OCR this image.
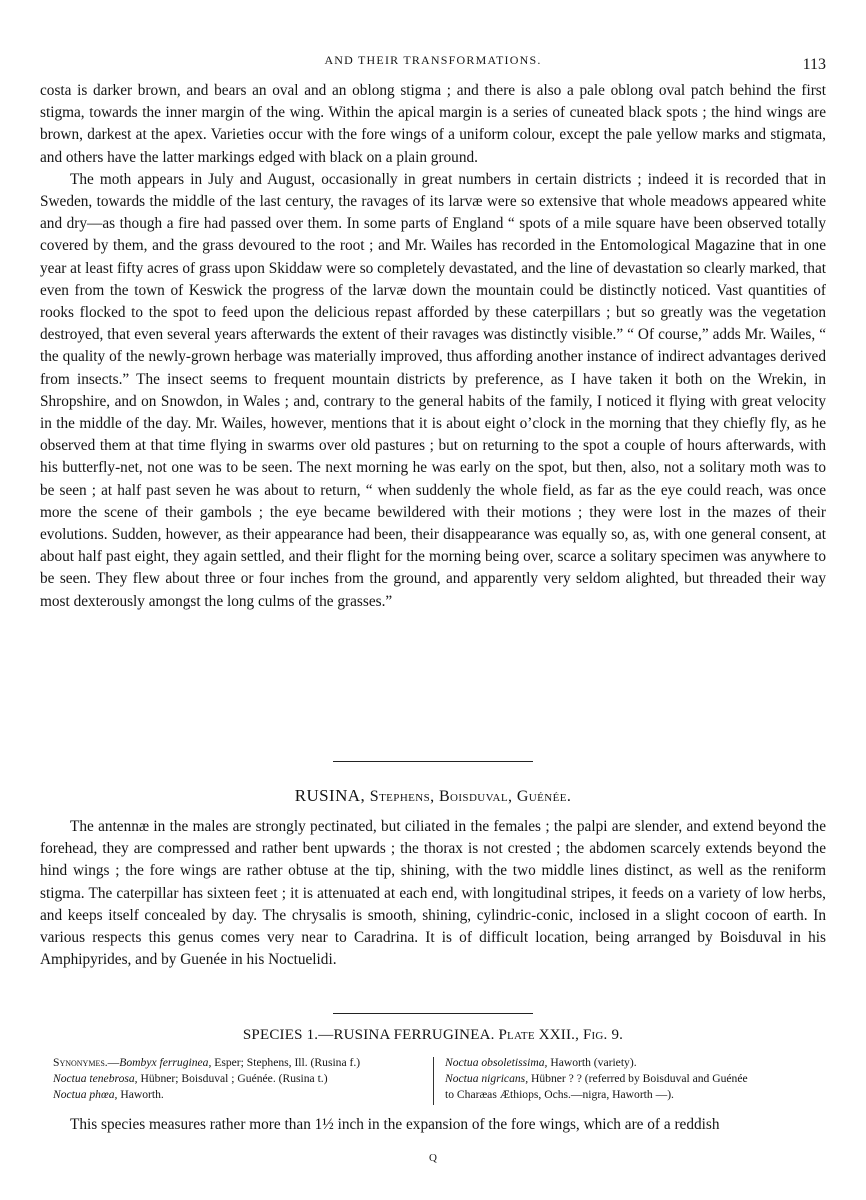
AND THEIR TRANSFORMATIONS.	113

costa is darker brown, and bears an oval and an oblong stigma ; and there is also a pale oblong oval patch behind the first stigma, towards the inner margin of the wing. Within the apical margin is a series of cuneated black spots ; the hind wings are brown, darkest at the apex. Varieties occur with the fore wings of a uniform colour, except the pale yellow marks and stigmata, and others have the latter markings edged with black on a plain ground.

The moth appears in July and August, occasionally in great numbers in certain districts ; indeed it is recorded that in Sweden, towards the middle of the last century, the ravages of its larvæ were so extensive that whole meadows appeared white and dry—as though a fire had passed over them. In some parts of England “ spots of a mile square have been observed totally covered by them, and the grass devoured to the root ; and Mr. Wailes has recorded in the Entomological Magazine that in one year at least fifty acres of grass upon Skiddaw were so completely devastated, and the line of devastation so clearly marked, that even from the town of Keswick the progress of the larvæ down the mountain could be distinctly noticed. Vast quantities of rooks flocked to the spot to feed upon the delicious repast afforded by these caterpillars ; but so greatly was the vegetation destroyed, that even several years afterwards the extent of their ravages was distinctly visible.” “ Of course,” adds Mr. Wailes, “ the quality of the newly-grown herbage was materially improved, thus affording another instance of indirect advantages derived from insects.” The insect seems to frequent mountain districts by preference, as I have taken it both on the Wrekin, in Shropshire, and on Snowdon, in Wales ; and, contrary to the general habits of the family, I noticed it flying with great velocity in the middle of the day. Mr. Wailes, however, mentions that it is about eight o’clock in the morning that they chiefly fly, as he observed them at that time flying in swarms over old pastures ; but on returning to the spot a couple of hours afterwards, with his butterfly-net, not one was to be seen. The next morning he was early on the spot, but then, also, not a solitary moth was to be seen ; at half past seven he was about to return, “ when suddenly the whole field, as far as the eye could reach, was once more the scene of their gambols ; the eye became bewildered with their motions ; they were lost in the mazes of their evolutions. Sudden, however, as their appearance had been, their disappearance was equally so, as, with one general consent, at about half past eight, they again settled, and their flight for the morning being over, scarce a solitary specimen was anywhere to be seen. They flew about three or four inches from the ground, and apparently very seldom alighted, but threaded their way most dexterously amongst the long culms of the grasses.”

RUSINA, Stephens, Boisduval, Guénée.

The antennæ in the males are strongly pectinated, but ciliated in the females ; the palpi are slender, and extend beyond the forehead, they are compressed and rather bent upwards ; the thorax is not crested ; the abdomen scarcely extends beyond the hind wings ; the fore wings are rather obtuse at the tip, shining, with the two middle lines distinct, as well as the reniform stigma. The caterpillar has sixteen feet ; it is attenuated at each end, with longitudinal stripes, it feeds on a variety of low herbs, and keeps itself concealed by day. The chrysalis is smooth, shining, cylindric-conic, inclosed in a slight cocoon of earth. In various respects this genus comes very near to Caradrina. It is of difficult location, being arranged by Boisduval in his Amphipyrides, and by Guenée in his Noctuelidi.

SPECIES 1.—RUSINA FERRUGINEA. Plate XXII., Fig. 9.
Synonymes.—Bombyx ferruginea, Esper; Stephens, Ill. (Rusina f.)
Noctua tenebrosa, Hübner; Boisduval ; Guénée. (Rusina t.)
Noctua phœa, Haworth.
Noctua obsoletissima, Haworth (variety).
Noctua nigricans, Hübner ? ? (referred by Boisduval and Guénée
to Charæas Æthiops, Ochs.—nigra, Haworth —).
This species measures rather more than 1½ inch in the expansion of the fore wings, which are of a reddish
Q
